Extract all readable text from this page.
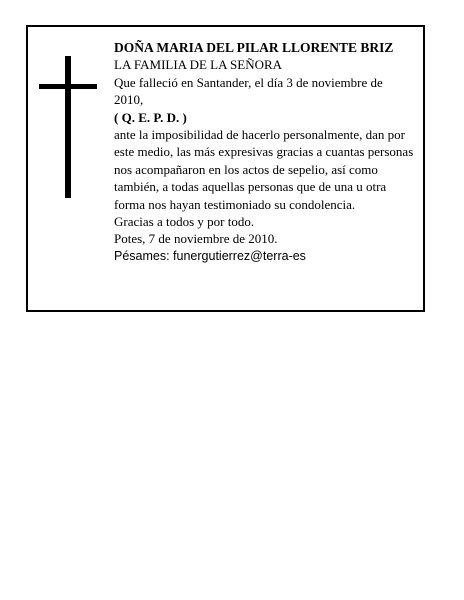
DOÑA MARIA DEL PILAR LLORENTE BRIZ

LA FAMILIA DE LA SEÑORA

Que falleció en Santander, el día 3 de noviembre de 2010,

( Q. E. P. D. )

ante la imposibilidad de hacerlo personalmente, dan por este medio, las más expresivas gracias a cuantas personas nos acompañaron en los actos de sepelio, así como también, a todas aquellas personas que de una u otra forma nos hayan testimoniado su condolencia.

Gracias a todos y por todo.

Potes, 7 de noviembre de 2010.

Pésames: funergutierrez@terra-es
